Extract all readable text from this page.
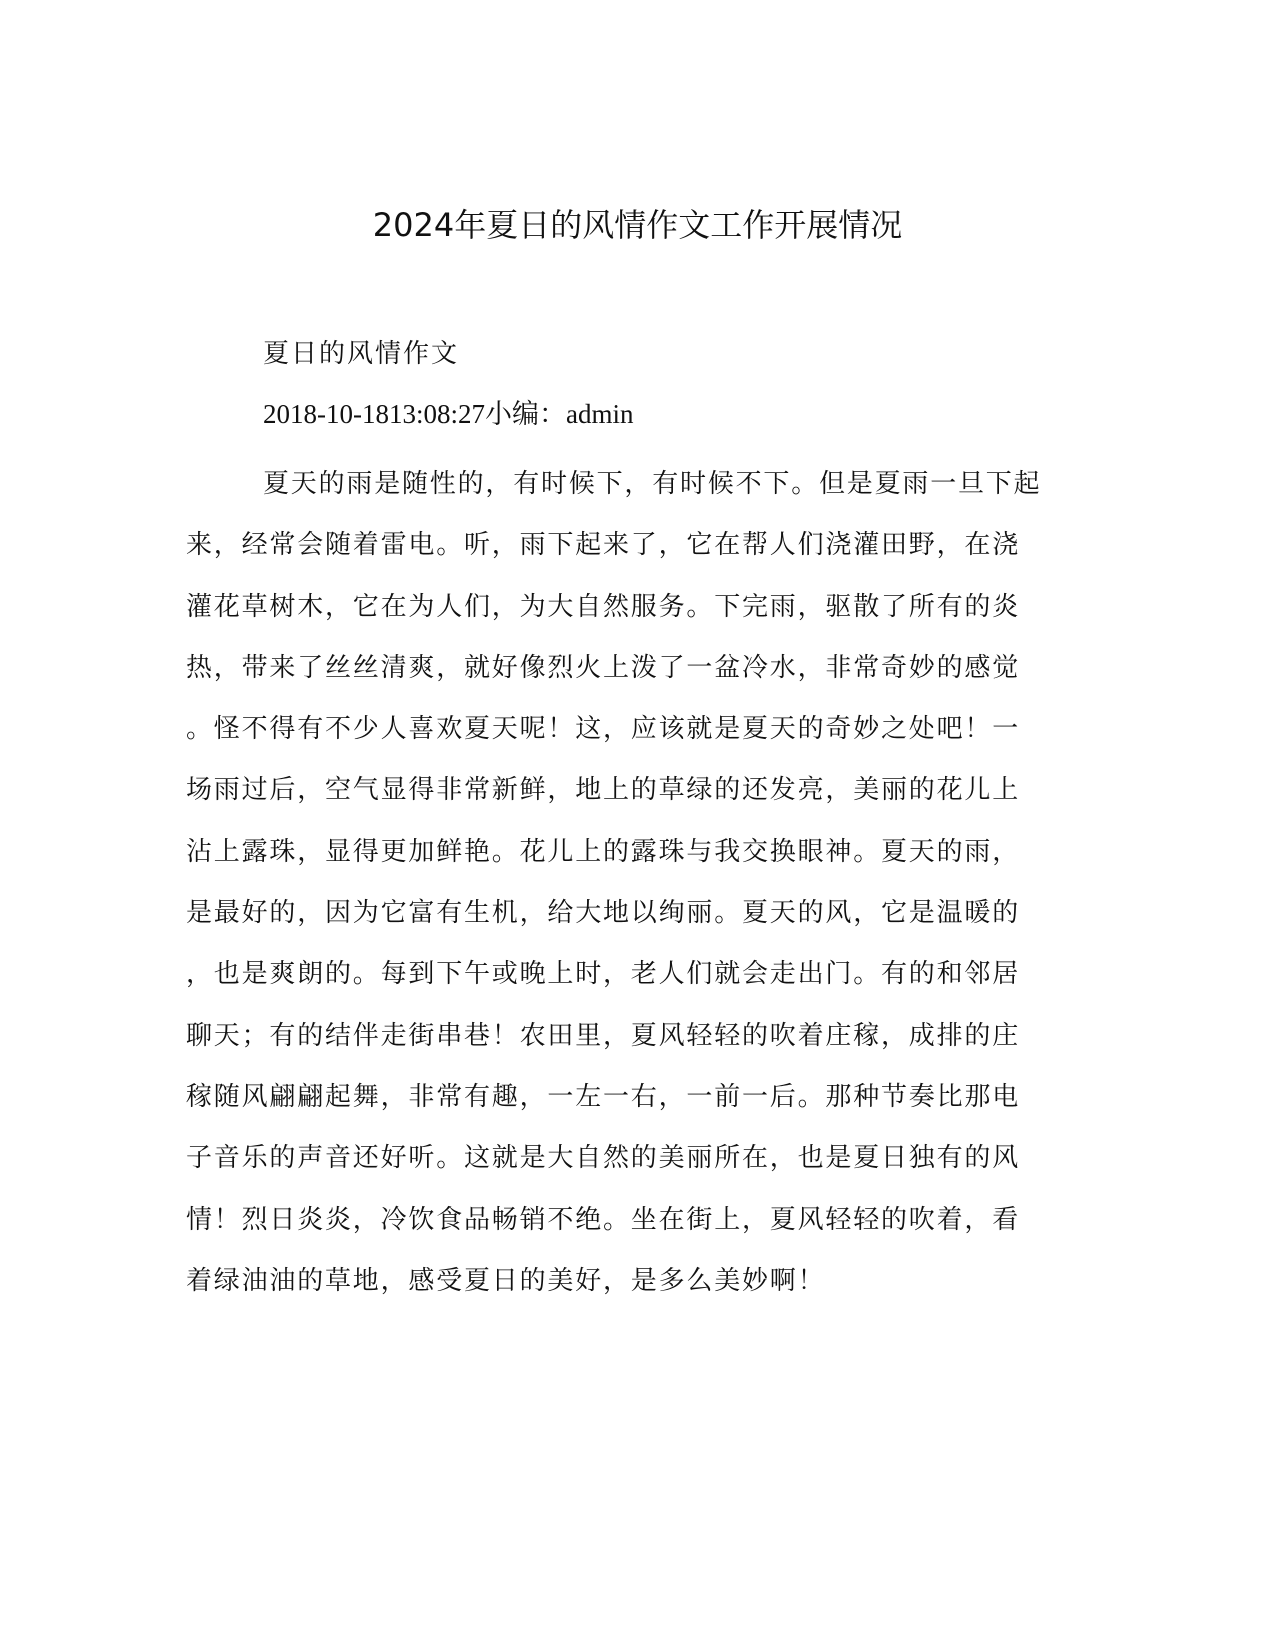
2024年夏日的风情作文工作开展情况
夏日的风情作文
2018-10-1813:08:27小编：admin
夏天的雨是随性的，有时候下，有时候不下。但是夏雨一旦下起
来，经常会随着雷电。听，雨下起来了，它在帮人们浇灌田野，在浇
灌花草树木，它在为人们，为大自然服务。下完雨，驱散了所有的炎
热，带来了丝丝清爽，就好像烈火上泼了一盆冷水，非常奇妙的感觉
。怪不得有不少人喜欢夏天呢！这，应该就是夏天的奇妙之处吧！一
场雨过后，空气显得非常新鲜，地上的草绿的还发亮，美丽的花儿上
沾上露珠，显得更加鲜艳。花儿上的露珠与我交换眼神。夏天的雨，
是最好的，因为它富有生机，给大地以绚丽。夏天的风，它是温暖的
，也是爽朗的。每到下午或晚上时，老人们就会走出门。有的和邻居
聊天；有的结伴走街串巷！农田里，夏风轻轻的吹着庄稼，成排的庄
稼随风翩翩起舞，非常有趣，一左一右，一前一后。那种节奏比那电
子音乐的声音还好听。这就是大自然的美丽所在，也是夏日独有的风
情！烈日炎炎，冷饮食品畅销不绝。坐在街上，夏风轻轻的吹着，看
着绿油油的草地，感受夏日的美好，是多么美妙啊！
